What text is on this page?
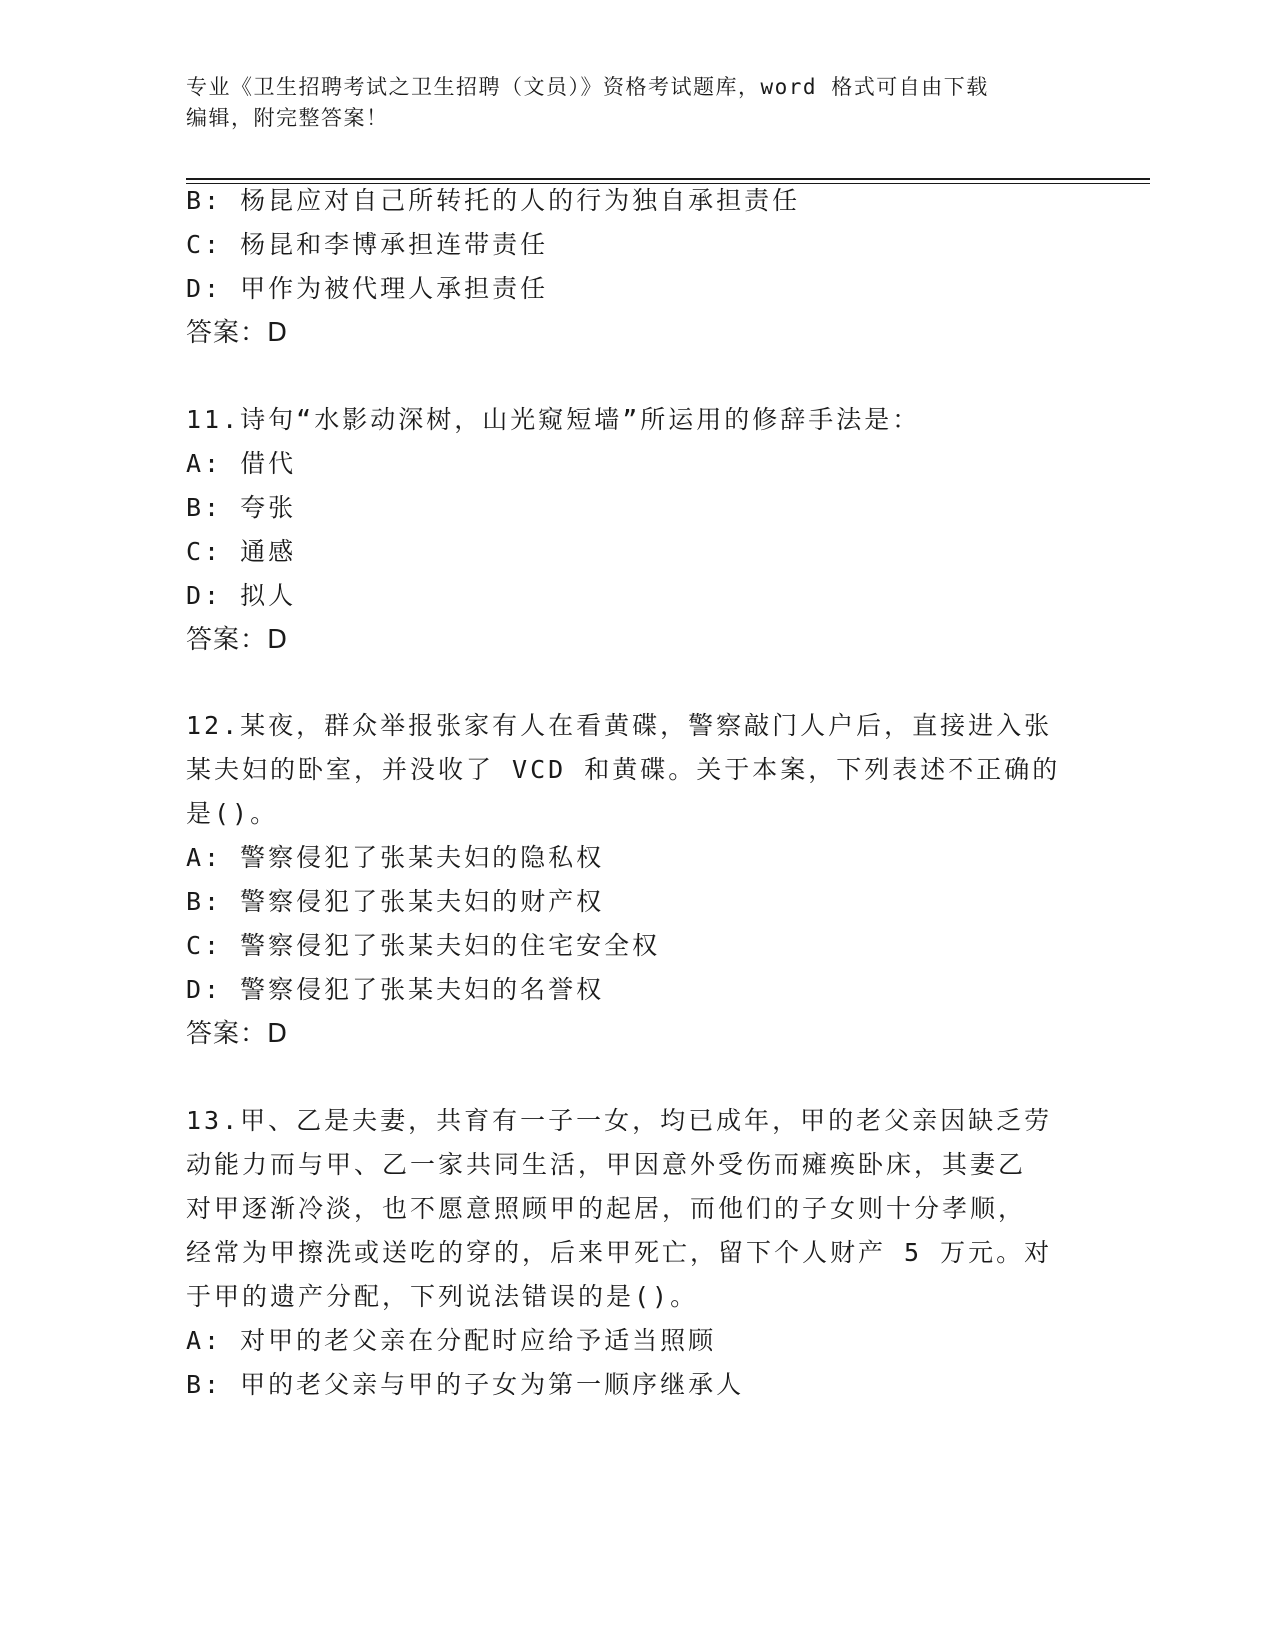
专业《卫生招聘考试之卫生招聘（文员）》资格考试题库，word 格式可自由下载
编辑，附完整答案！
B: 杨昆应对自己所转托的人的行为独自承担责任
C: 杨昆和李博承担连带责任
D: 甲作为被代理人承担责任
答案：D
11.诗句“水影动深树，山光窥短墙”所运用的修辞手法是：
A: 借代
B: 夸张
C: 通感
D: 拟人
答案：D
12.某夜，群众举报张家有人在看黄碟，警察敲门人户后，直接进入张
某夫妇的卧室，并没收了 VCD 和黄碟。关于本案，下列表述不正确的
是()。
A: 警察侵犯了张某夫妇的隐私权
B: 警察侵犯了张某夫妇的财产权
C: 警察侵犯了张某夫妇的住宅安全权
D: 警察侵犯了张某夫妇的名誉权
答案：D
13.甲、乙是夫妻，共育有一子一女，均已成年，甲的老父亲因缺乏劳
动能力而与甲、乙一家共同生活，甲因意外受伤而瘫痪卧床，其妻乙
对甲逐渐冷淡，也不愿意照顾甲的起居，而他们的子女则十分孝顺，
经常为甲擦洗或送吃的穿的，后来甲死亡，留下个人财产 5 万元。对
于甲的遗产分配，下列说法错误的是()。
A: 对甲的老父亲在分配时应给予适当照顾
B: 甲的老父亲与甲的子女为第一顺序继承人
